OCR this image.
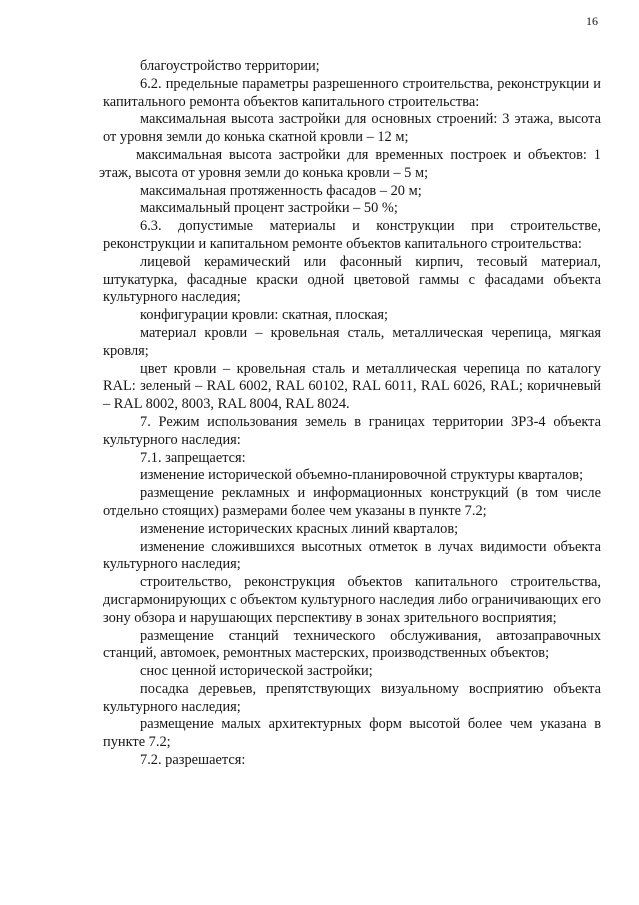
16

благоустройство территории;

6.2. предельные параметры разрешенного строительства, реконструкции и капитального ремонта объектов капитального строительства:

максимальная высота застройки для основных строений: 3 этажа, высота от уровня земли до конька скатной кровли – 12 м;

максимальная высота застройки для временных построек и объектов: 1 этаж, высота от уровня земли до конька кровли – 5 м;

максимальная протяженность фасадов – 20 м;

максимальный процент застройки – 50 %;

6.3. допустимые материалы и конструкции при строительстве, реконструкции и капитальном ремонте объектов капитального строительства:

лицевой керамический или фасонный кирпич, тесовый материал, штукатурка, фасадные краски одной цветовой гаммы с фасадами объекта культурного наследия;

конфигурации кровли: скатная, плоская;

материал кровли – кровельная сталь, металлическая черепица, мягкая кровля;

цвет кровли – кровельная сталь и металлическая черепица по каталогу RAL: зеленый – RAL 6002, RAL 60102, RAL 6011, RAL 6026, RAL; коричневый – RAL 8002, 8003, RAL 8004, RAL 8024.

7. Режим использования земель в границах территории ЗРЗ-4 объекта культурного наследия:

7.1. запрещается:

изменение исторической объемно-планировочной структуры кварталов;

размещение рекламных и информационных конструкций (в том числе отдельно стоящих) размерами более чем указаны в пункте 7.2;

изменение исторических красных линий кварталов;

изменение сложившихся высотных отметок в лучах видимости объекта культурного наследия;

строительство, реконструкция объектов капитального строительства, дисгармонирующих с объектом культурного наследия либо ограничивающих его зону обзора и нарушающих перспективу в зонах зрительного восприятия;

размещение станций технического обслуживания, автозаправочных станций, автомоек, ремонтных мастерских, производственных объектов;

снос ценной исторической застройки;

посадка деревьев, препятствующих визуальному восприятию объекта культурного наследия;

размещение малых архитектурных форм высотой более чем указана в пункте 7.2;

7.2. разрешается:
